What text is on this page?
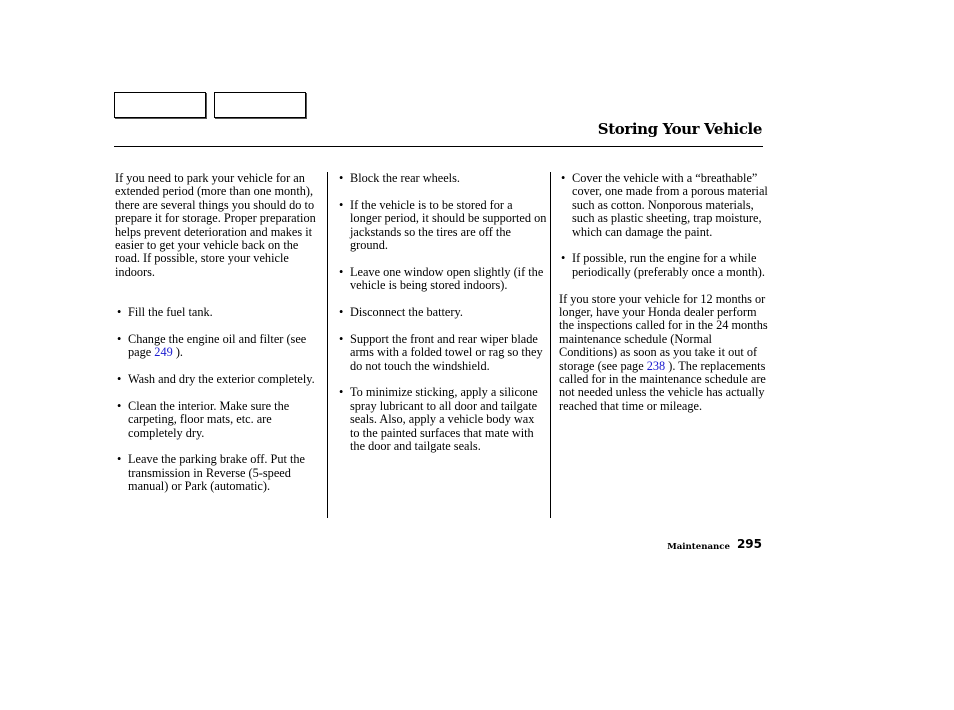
Storing Your Vehicle

If you need to park your vehicle for an extended period (more than one month), there are several things you should do to prepare it for storage. Proper preparation helps prevent deterioration and makes it easier to get your vehicle back on the road. If possible, store your vehicle indoors.

• Fill the fuel tank.
• Change the engine oil and filter (see page 249 ).
• Wash and dry the exterior completely.
• Clean the interior. Make sure the carpeting, floor mats, etc. are completely dry.
• Leave the parking brake off. Put the transmission in Reverse (5-speed manual) or Park (automatic).
• Block the rear wheels.
• If the vehicle is to be stored for a longer period, it should be supported on jackstands so the tires are off the ground.
• Leave one window open slightly (if the vehicle is being stored indoors).
• Disconnect the battery.
• Support the front and rear wiper blade arms with a folded towel or rag so they do not touch the windshield.
• To minimize sticking, apply a silicone spray lubricant to all door and tailgate seals. Also, apply a vehicle body wax to the painted surfaces that mate with the door and tailgate seals.
• Cover the vehicle with a “breathable” cover, one made from a porous material such as cotton. Nonporous materials, such as plastic sheeting, trap moisture, which can damage the paint.
• If possible, run the engine for a while periodically (preferably once a month).

If you store your vehicle for 12 months or longer, have your Honda dealer perform the inspections called for in the 24 months maintenance schedule (Normal Conditions) as soon as you take it out of storage (see page 238 ). The replacements called for in the maintenance schedule are not needed unless the vehicle has actually reached that time or mileage.

Maintenance 295
